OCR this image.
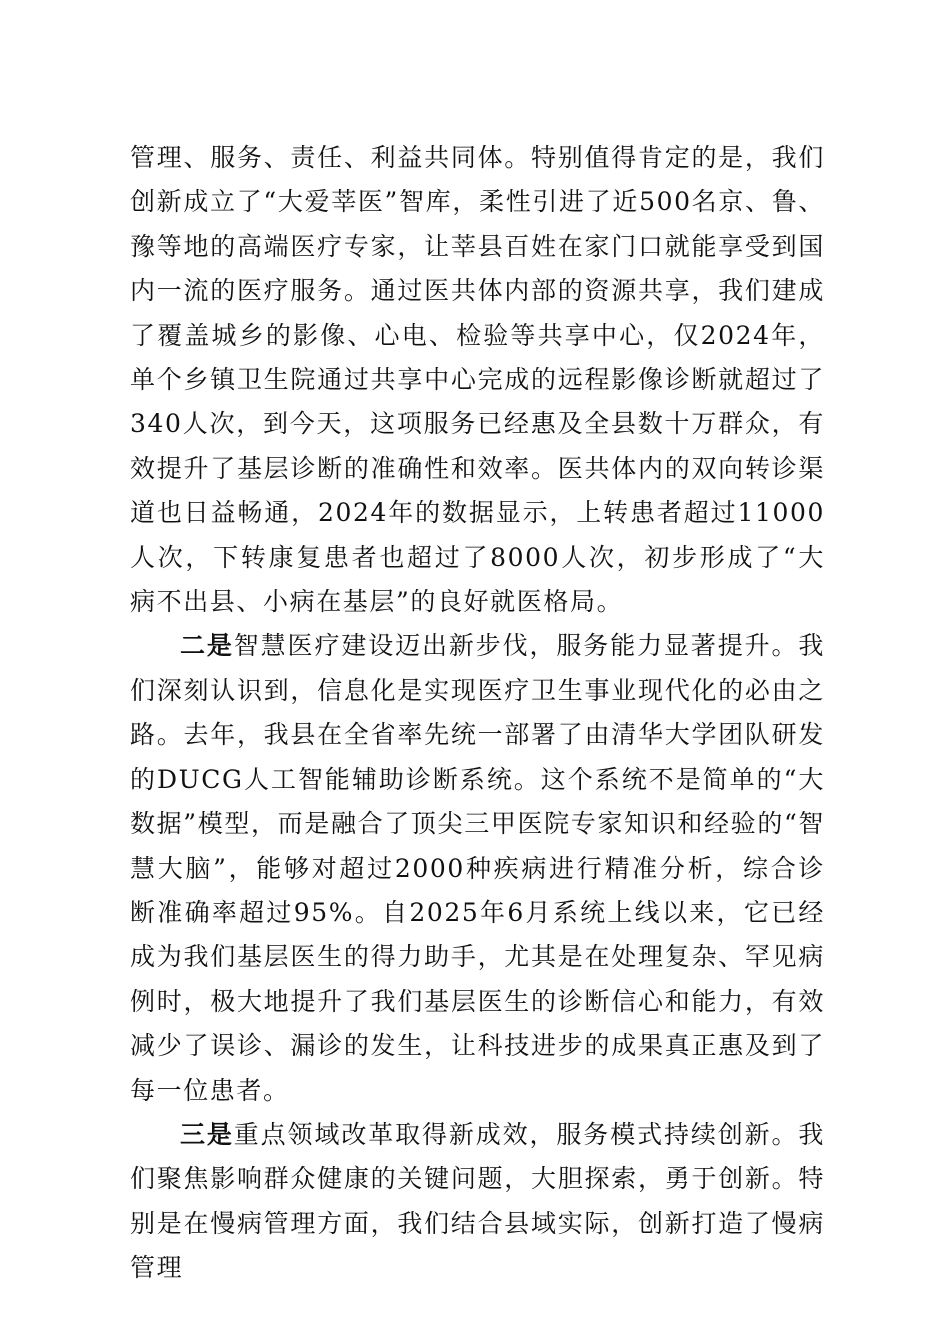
管理、服务、责任、利益共同体。特别值得肯定的是，我们创新成立了“大爱莘医”智库，柔性引进了近500名京、鲁、豫等地的高端医疗专家，让莘县百姓在家门口就能享受到国内一流的医疗服务。通过医共体内部的资源共享，我们建成了覆盖城乡的影像、心电、检验等共享中心，仅2024年，单个乡镇卫生院通过共享中心完成的远程影像诊断就超过了340人次，到今天，这项服务已经惠及全县数十万群众，有效提升了基层诊断的准确性和效率。医共体内的双向转诊渠道也日益畅通，2024年的数据显示，上转患者超过11000人次，下转康复患者也超过了8000人次，初步形成了“大病不出县、小病在基层”的良好就医格局。

二是智慧医疗建设迈出新步伐，服务能力显著提升。我们深刻认识到，信息化是实现医疗卫生事业现代化的必由之路。去年，我县在全省率先统一部署了由清华大学团队研发的DUCG人工智能辅助诊断系统。这个系统不是简单的“大数据”模型，而是融合了顶尖三甲医院专家知识和经验的“智慧大脑”，能够对超过2000种疾病进行精准分析，综合诊断准确率超过95%。自2025年6月系统上线以来，它已经成为我们基层医生的得力助手，尤其是在处理复杂、罕见病例时，极大地提升了我们基层医生的诊断信心和能力，有效减少了误诊、漏诊的发生，让科技进步的成果真正惠及到了每一位患者。

三是重点领域改革取得新成效，服务模式持续创新。我们聚焦影响群众健康的关键问题，大胆探索，勇于创新。特别是在慢病管理方面，我们结合县域实际，创新打造了慢病管理
